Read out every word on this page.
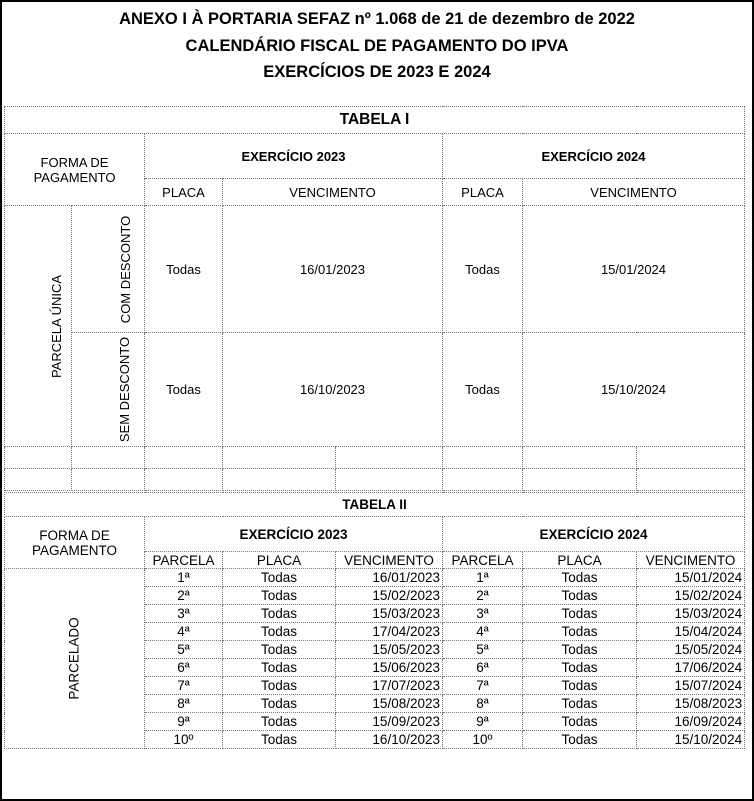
ANEXO I À PORTARIA SEFAZ nº 1.068 de 21 de dezembro de 2022
CALENDÁRIO FISCAL DE PAGAMENTO DO IPVA
EXERCÍCIOS DE 2023 E 2024
TABELA I							
FORMA DE PAGAMENTO		EXERCÍCIO 2023			EXERCÍCIO 2024		
		PLACA	VENCIMENTO		PLACA	VENCIMENTO	
PARCELA ÚNICA	COM DESCONTO	Todas	16/01/2023		Todas	15/01/2024	
	SEM DESCONTO	Todas	16/10/2023		Todas	15/10/2024	

TABELA II						
FORMA DE PAGAMENTO	EXERCÍCIO 2023			EXERCÍCIO 2024		
	PARCELA	PLACA	VENCIMENTO	PARCELA	PLACA	VENCIMENTO
PARCELADO	1ª	Todas	16/01/2023	1ª	Todas	15/01/2024
	2ª	Todas	15/02/2023	2ª	Todas	15/02/2024
	3ª	Todas	15/03/2023	3ª	Todas	15/03/2024
	4ª	Todas	17/04/2023	4ª	Todas	15/04/2024
	5ª	Todas	15/05/2023	5ª	Todas	15/05/2024
	6ª	Todas	15/06/2023	6ª	Todas	17/06/2024
	7ª	Todas	17/07/2023	7ª	Todas	15/07/2024
	8ª	Todas	15/08/2023	8ª	Todas	15/08/2023
	9ª	Todas	15/09/2023	9ª	Todas	16/09/2024
	10º	Todas	16/10/2023	10º	Todas	15/10/2024
